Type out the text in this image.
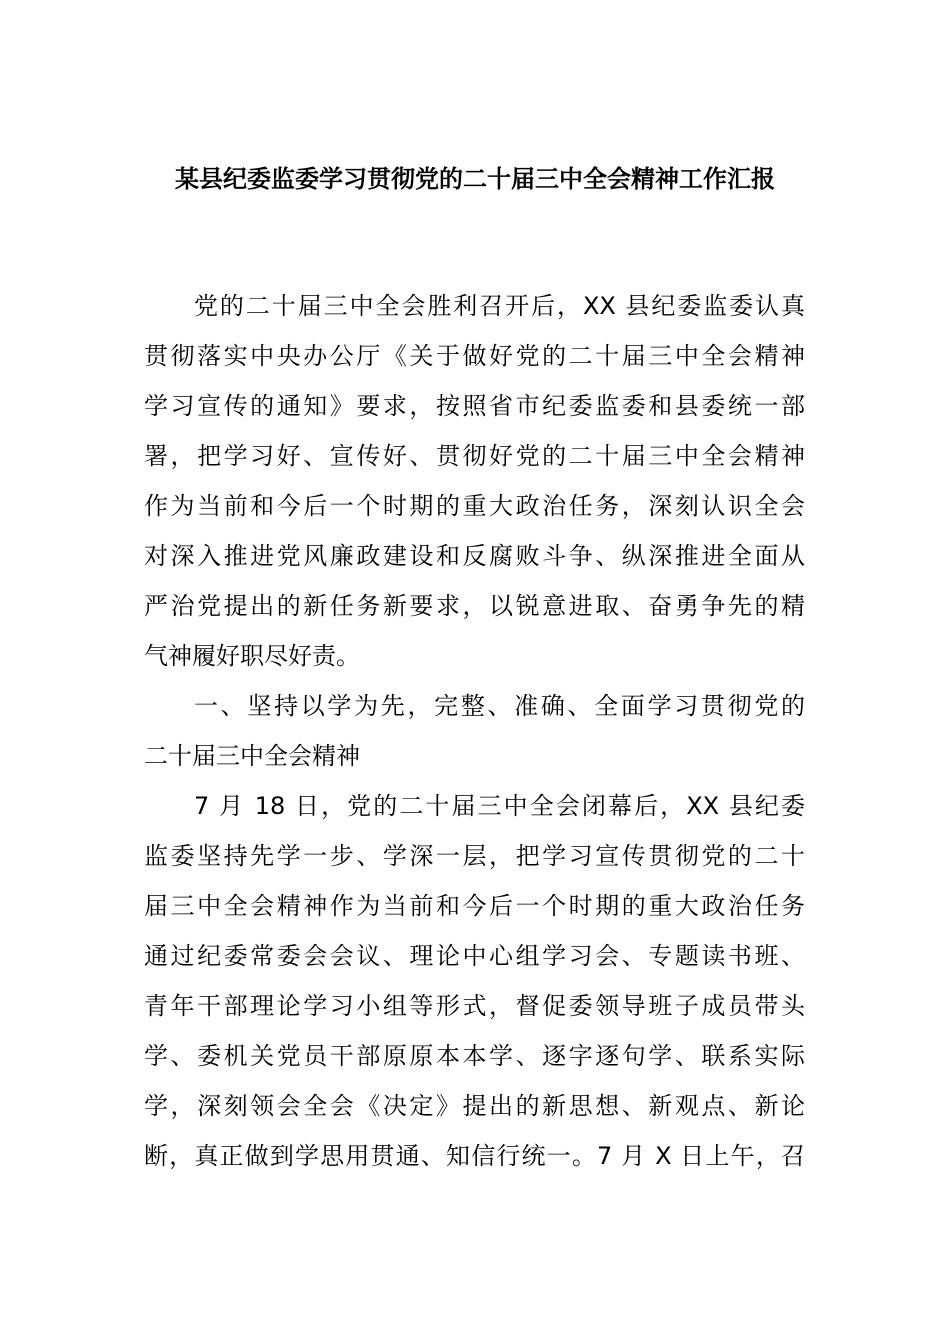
某县纪委监委学习贯彻党的二十届三中全会精神工作汇报
党的二十届三中全会胜利召开后，XX 县纪委监委认真
贯彻落实中央办公厅《关于做好党的二十届三中全会精神
学习宣传的通知》要求，按照省市纪委监委和县委统一部
署，把学习好、宣传好、贯彻好党的二十届三中全会精神
作为当前和今后一个时期的重大政治任务，深刻认识全会
对深入推进党风廉政建设和反腐败斗争、纵深推进全面从
严治党提出的新任务新要求，以锐意进取、奋勇争先的精
气神履好职尽好责。
一、坚持以学为先，完整、准确、全面学习贯彻党的
二十届三中全会精神
7 月 18 日，党的二十届三中全会闭幕后，XX 县纪委
监委坚持先学一步、学深一层，把学习宣传贯彻党的二十
届三中全会精神作为当前和今后一个时期的重大政治任务
通过纪委常委会会议、理论中心组学习会、专题读书班、
青年干部理论学习小组等形式，督促委领导班子成员带头
学、委机关党员干部原原本本学、逐字逐句学、联系实际
学，深刻领会全会《决定》提出的新思想、新观点、新论
断，真正做到学思用贯通、知信行统一。7 月 X 日上午，召
